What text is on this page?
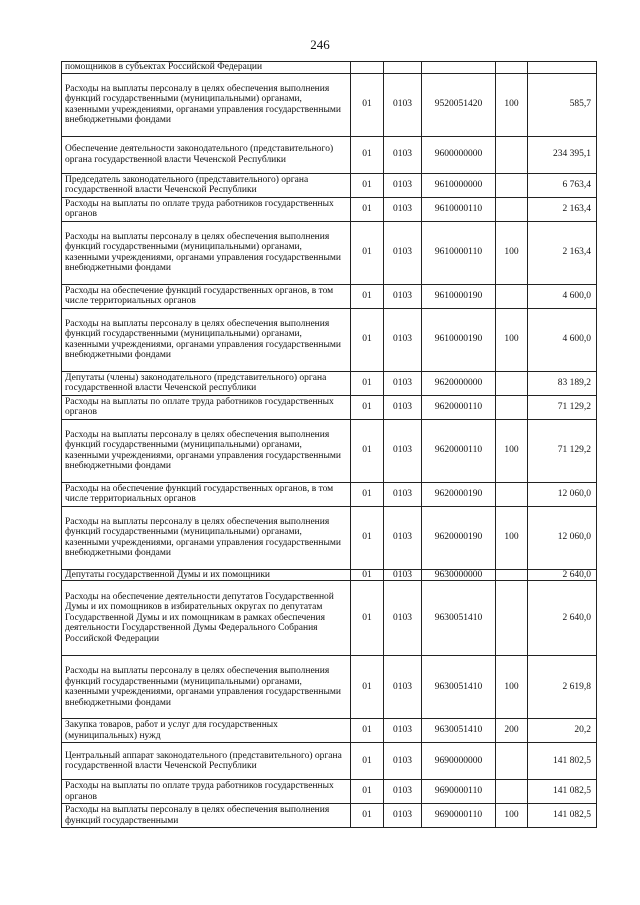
246
помощников в субъектах Российской Федерации					
Расходы на выплаты персоналу в целях обеспечения выполнения функций государственными (муниципальными) органами, казенными учреждениями, органами управления государственными внебюджетными фондами	01	0103	9520051420	100	585,7
Обеспечение деятельности законодательного (представительного) органа государственной власти Чеченской Республики	01	0103	9600000000		234 395,1
Председатель законодательного (представительного) органа государственной власти Чеченской Республики	01	0103	9610000000		6 763,4
Расходы на выплаты по оплате труда работников государственных органов	01	0103	9610000110		2 163,4
Расходы на выплаты персоналу в целях обеспечения выполнения функций государственными (муниципальными) органами, казенными учреждениями, органами управления государственными внебюджетными фондами	01	0103	9610000110	100	2 163,4
Расходы на обеспечение функций государственных органов, в том числе территориальных органов	01	0103	9610000190		4 600,0
Расходы на выплаты персоналу в целях обеспечения выполнения функций государственными (муниципальными) органами, казенными учреждениями, органами управления государственными внебюджетными фондами	01	0103	9610000190	100	4 600,0
Депутаты (члены) законодательного (представительного) органа государственной власти Чеченской республики	01	0103	9620000000		83 189,2
Расходы на выплаты по оплате труда работников государственных органов	01	0103	9620000110		71 129,2
Расходы на выплаты персоналу в целях обеспечения выполнения функций государственными (муниципальными) органами, казенными учреждениями, органами управления государственными внебюджетными фондами	01	0103	9620000110	100	71 129,2
Расходы на обеспечение функций государственных органов, в том числе территориальных органов	01	0103	9620000190		12 060,0
Расходы на выплаты персоналу в целях обеспечения выполнения функций государственными (муниципальными) органами, казенными учреждениями, органами управления государственными внебюджетными фондами	01	0103	9620000190	100	12 060,0
Депутаты государственной Думы и их помощники	01	0103	9630000000		2 640,0
Расходы на обеспечение деятельности депутатов Государственной Думы и их помощников в избирательных округах по депутатам Государственной Думы и их помощникам в рамках обеспечения деятельности Государственной Думы Федерального Собрания Российской Федерации	01	0103	9630051410		2 640,0
Расходы на выплаты персоналу в целях обеспечения выполнения функций государственными (муниципальными) органами, казенными учреждениями, органами управления государственными внебюджетными фондами	01	0103	9630051410	100	2 619,8
Закупка товаров, работ и услуг для государственных (муниципальных) нужд	01	0103	9630051410	200	20,2
Центральный аппарат законодательного (представительного) органа государственной власти Чеченской Республики	01	0103	9690000000		141 802,5
Расходы на выплаты по оплате труда работников государственных органов	01	0103	9690000110		141 082,5
Расходы на выплаты персоналу в целях обеспечения выполнения функций государственными	01	0103	9690000110	100	141 082,5
